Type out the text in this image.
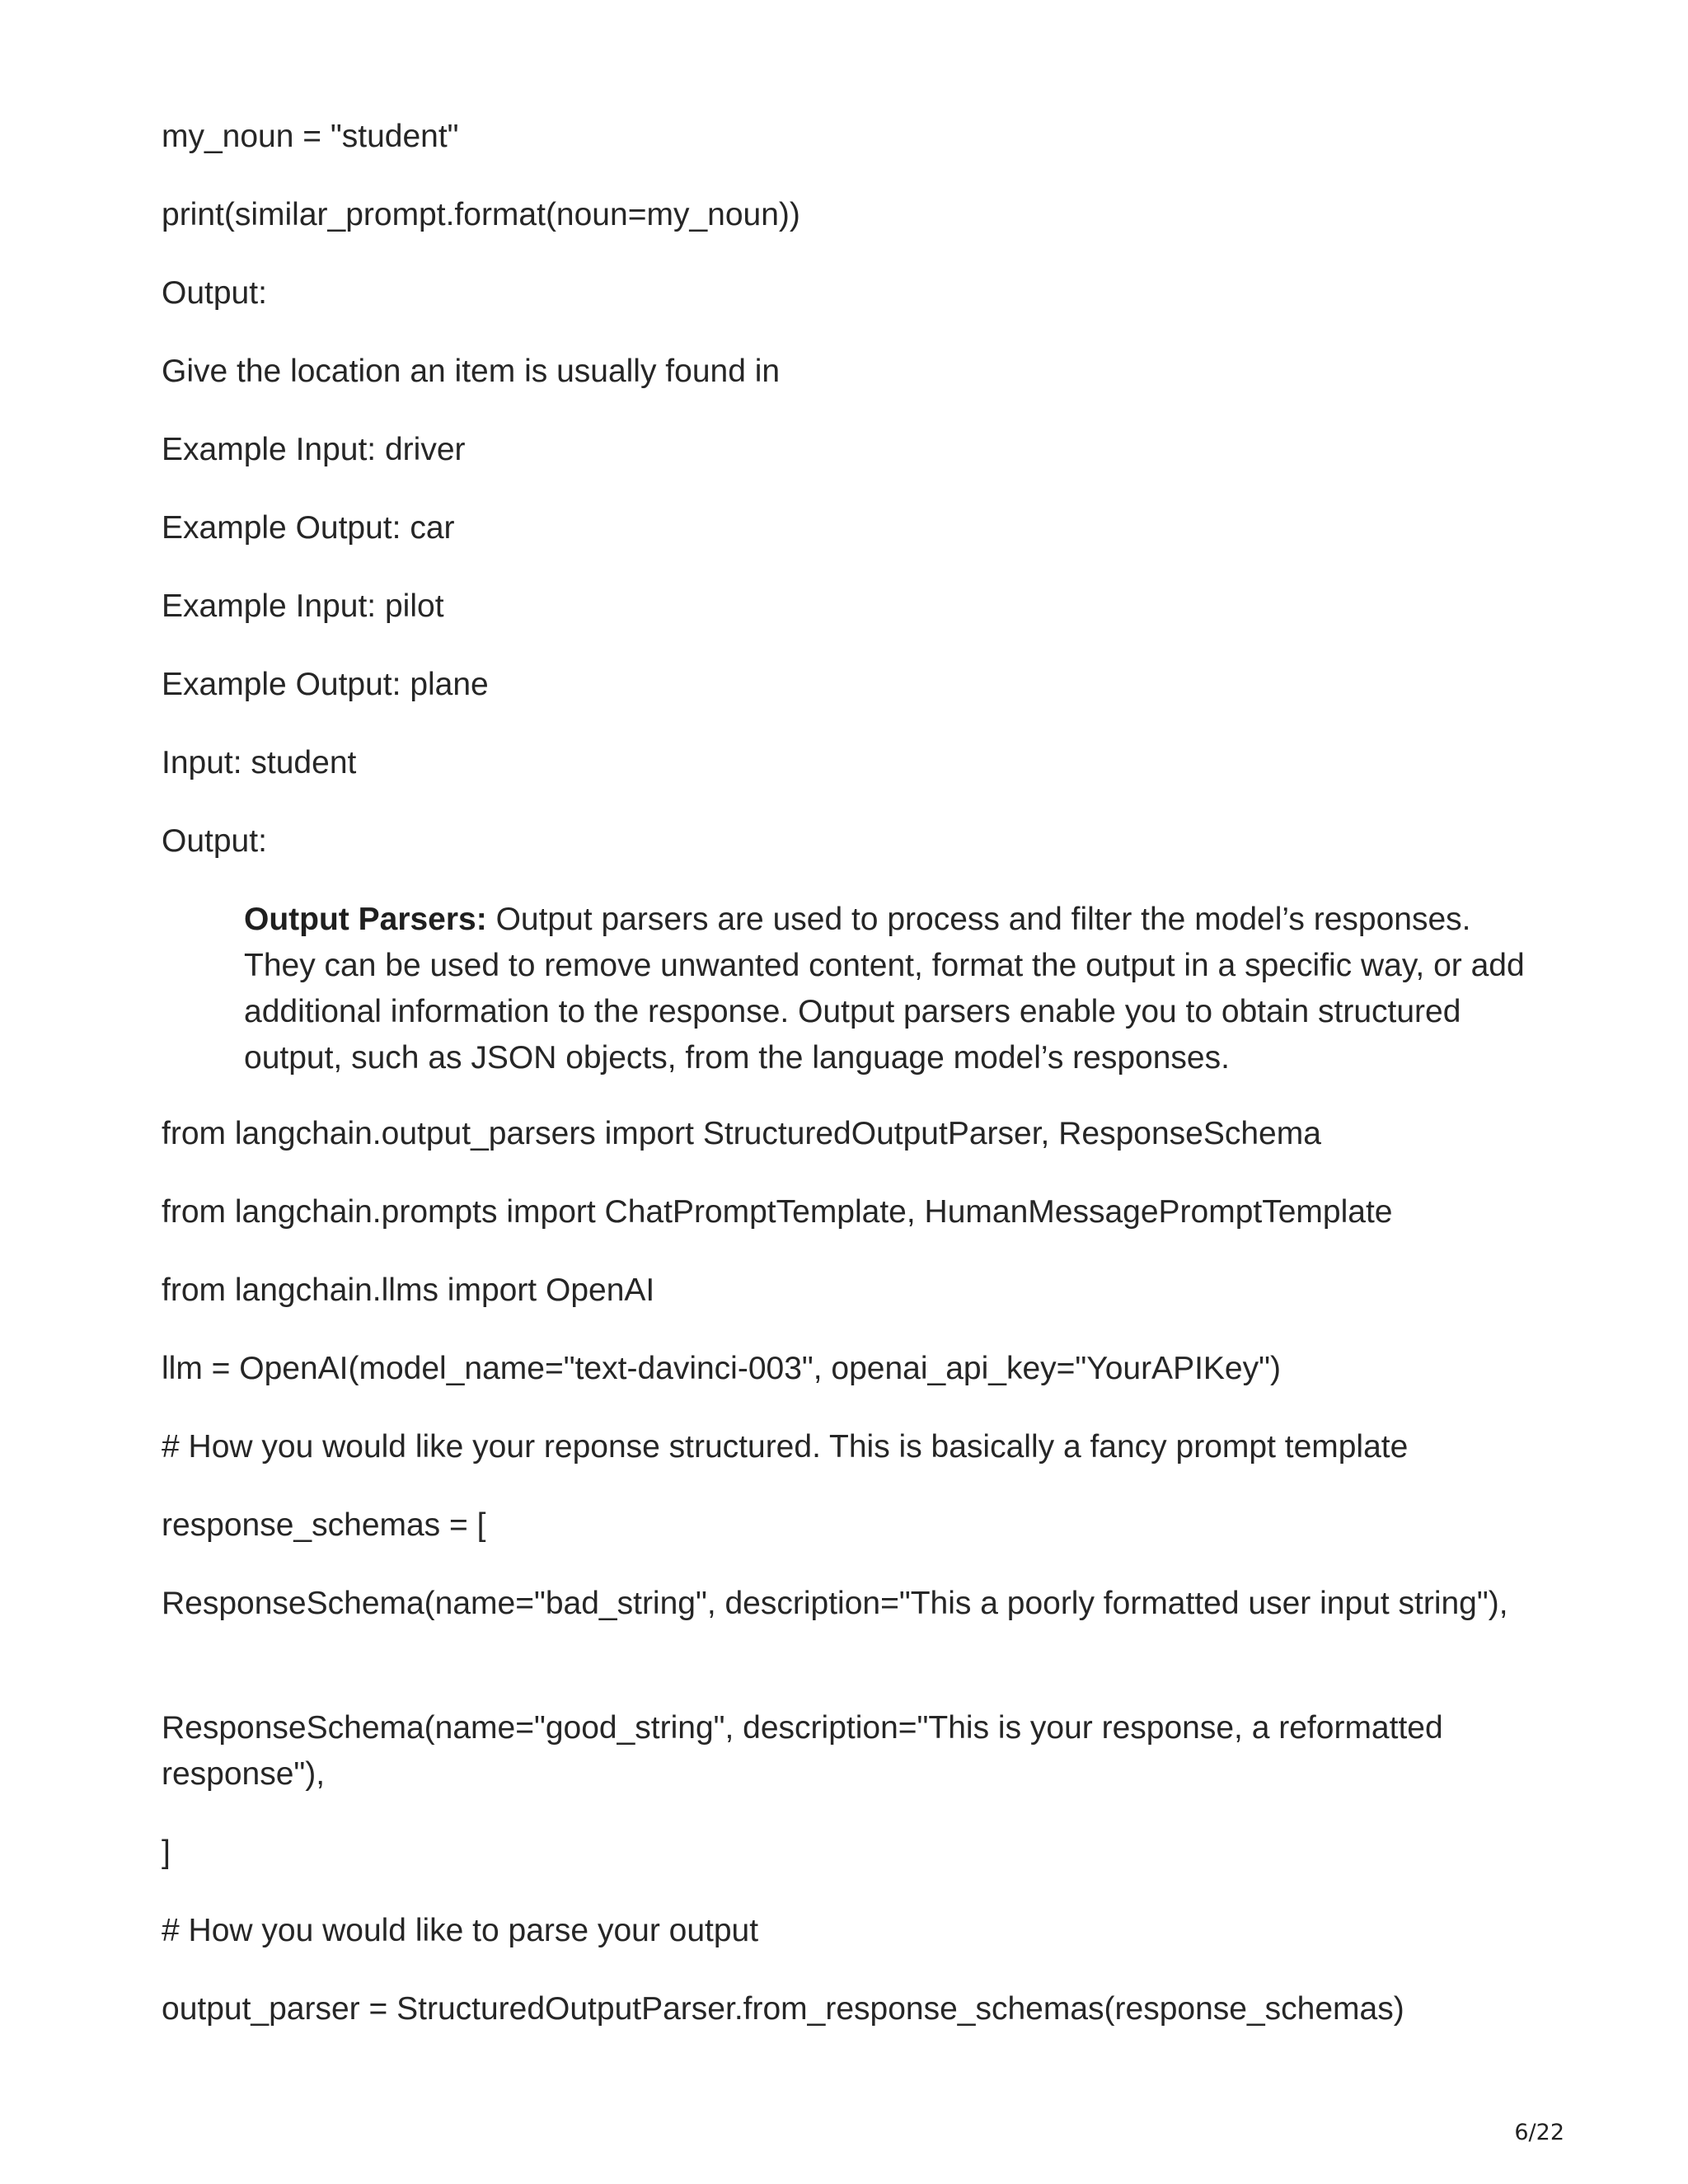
my_noun = "student"

print(similar_prompt.format(noun=my_noun))

Output:

Give the location an item is usually found in

Example Input: driver

Example Output: car

Example Input: pilot

Example Output: plane

Input: student

Output:

Output Parsers: Output parsers are used to process and filter the model’s responses. They can be used to remove unwanted content, format the output in a specific way, or add additional information to the response. Output parsers enable you to obtain structured output, such as JSON objects, from the language model’s responses.

from langchain.output_parsers import StructuredOutputParser, ResponseSchema

from langchain.prompts import ChatPromptTemplate, HumanMessagePromptTemplate

from langchain.llms import OpenAI

llm = OpenAI(model_name="text-davinci-003", openai_api_key="YourAPIKey")

# How you would like your reponse structured. This is basically a fancy prompt template

response_schemas = [

ResponseSchema(name="bad_string", description="This a poorly formatted user input string"),

ResponseSchema(name="good_string", description="This is your response, a reformatted response"),

]

# How you would like to parse your output

output_parser = StructuredOutputParser.from_response_schemas(response_schemas)

6/22
